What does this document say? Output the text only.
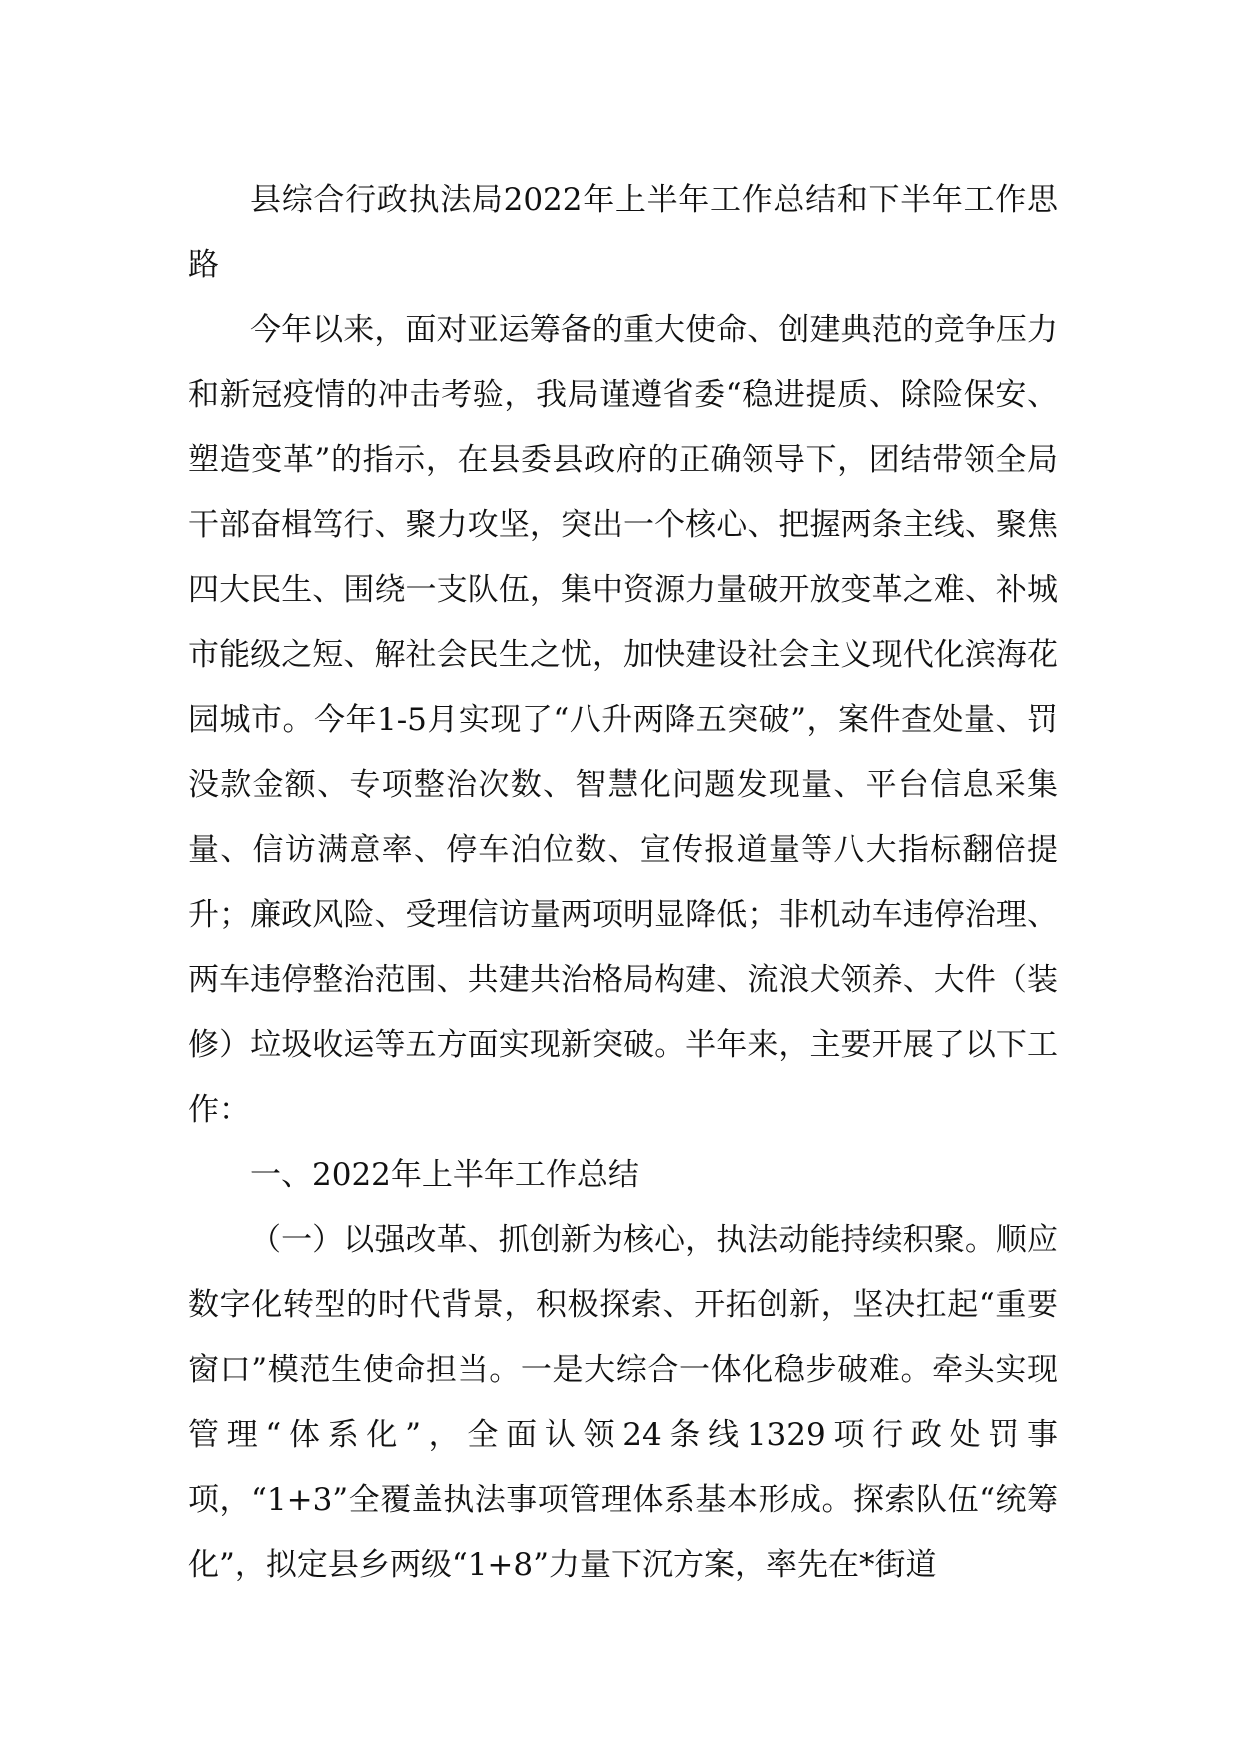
县综合行政执法局2022年上半年工作总结和下半年工作思路

今年以来，面对亚运筹备的重大使命、创建典范的竞争压力和新冠疫情的冲击考验，我局谨遵省委“稳进提质、除险保安、塑造变革”的指示，在县委县政府的正确领导下，团结带领全局干部奋楫笃行、聚力攻坚，突出一个核心、把握两条主线、聚焦四大民生、围绕一支队伍，集中资源力量破开放变革之难、补城市能级之短、解社会民生之忧，加快建设社会主义现代化滨海花园城市。今年1-5月实现了“八升两降五突破”，案件查处量、罚没款金额、专项整治次数、智慧化问题发现量、平台信息采集量、信访满意率、停车泊位数、宣传报道量等八大指标翻倍提升；廉政风险、受理信访量两项明显降低；非机动车违停治理、两车违停整治范围、共建共治格局构建、流浪犬领养、大件（装修）垃圾收运等五方面实现新突破。半年来，主要开展了以下工作：

一、2022年上半年工作总结

（一）以强改革、抓创新为核心，执法动能持续积聚。顺应数字化转型的时代背景，积极探索、开拓创新，坚决扛起“重要窗口”模范生使命担当。一是大综合一体化稳步破难。牵头实现管理“体系化”，全面认领24条线1329项行政处罚事项，“1+3”全覆盖执法事项管理体系基本形成。探索队伍“统筹化”，拟定县乡两级“1+8”力量下沉方案，率先在*街道
